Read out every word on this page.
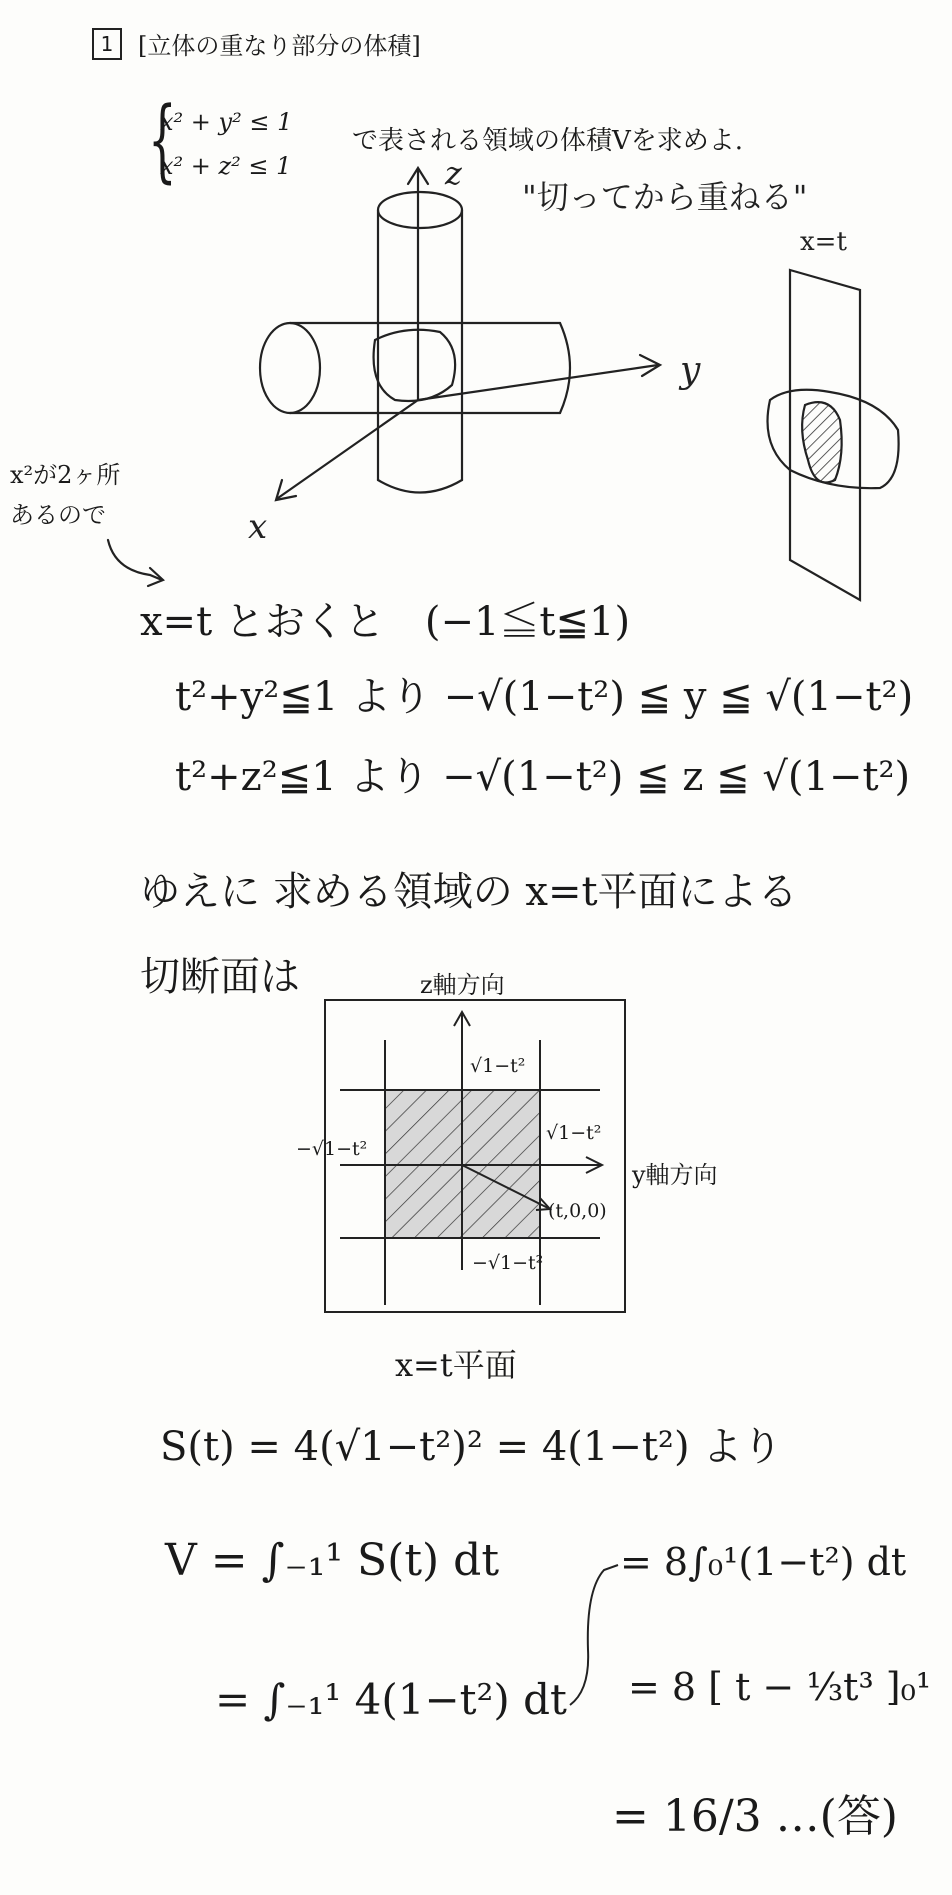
1	[立体の重なり部分の体積]
{
x² + y² ≤ 1
x² + z² ≤ 1
で表される領域の体積Vを求めよ.
z
y
x
"切ってから重ねる"
x=t
x²が2ヶ所
あるので
x=t とおくと　(−1≦t≦1)
t²+y²≦1 より −√(1−t²) ≦ y ≦ √(1−t²)
t²+z²≦1 より −√(1−t²) ≦ z ≦ √(1−t²)
ゆえに 求める領域の x=t平面による
切断面は	z軸方向
y軸方向
√1−t²
√1−t²
−√1−t²
−√1−t²
(t,0,0)
x=t平面
S(t) = 4(√1−t²)² = 4(1−t²) より
V = ∫₋₁¹ S(t) dt
= ∫₋₁¹ 4(1−t²) dt
= 8∫₀¹(1−t²) dt
= 8 [ t − ⅓t³ ]₀¹
= 16/3 …(答)
